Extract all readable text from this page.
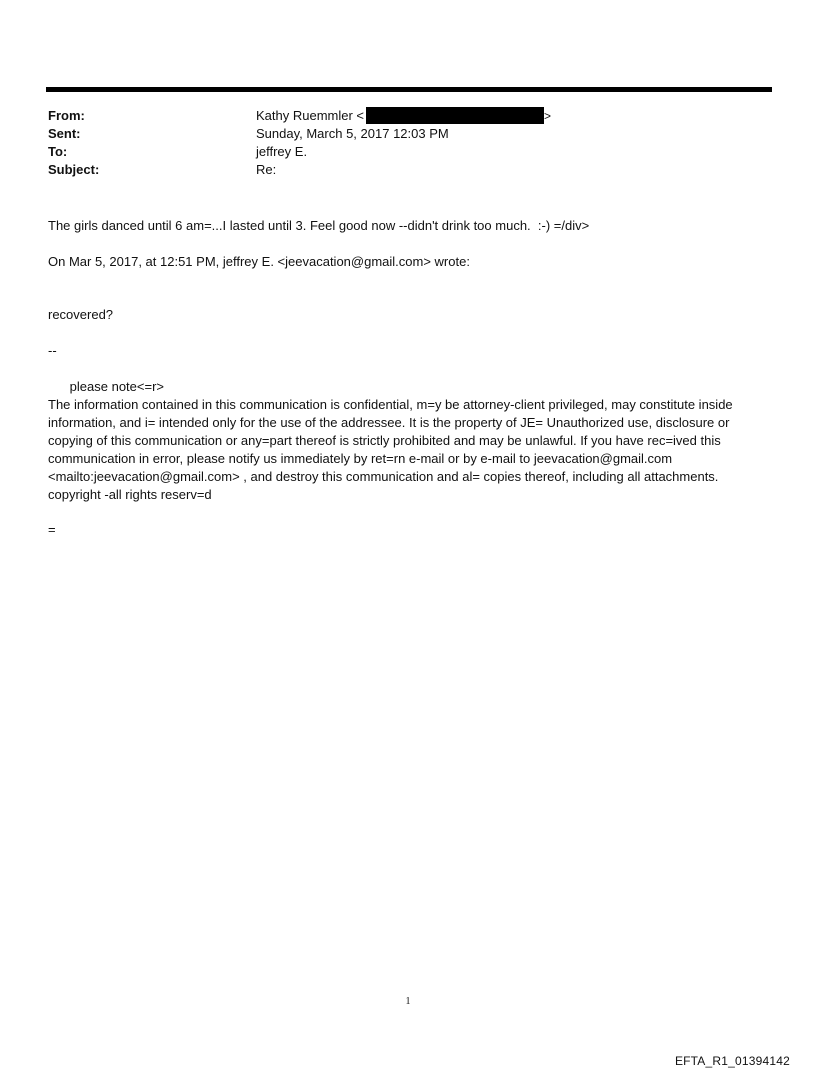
From:	Kathy Ruemmler <	>
Sent:	Sunday, March 5, 2017 12:03 PM
To:	jeffrey E.
Subject:	Re:
The girls danced until 6 am=...I lasted until 3. Feel good now --didn't drink too much.  :-) =/div>
On Mar 5, 2017, at 12:51 PM, jeffrey E. <jeevacation@gmail.com> wrote:
recovered?
--
please note<=r>
The information contained in this communication is confidential, m=y be attorney-client privileged, may constitute inside information, and i= intended only for the use of the addressee. It is the property of JE= Unauthorized use, disclosure or copying of this communication or any=part thereof is strictly prohibited and may be unlawful. If you have rec=ived this communication in error, please notify us immediately by ret=rn e-mail or by e-mail to jeevacation@gmail.com <mailto:jeevacation@gmail.com> , and destroy this communication and al= copies thereof, including all attachments. copyright -all rights reserv=d
=
1
EFTA_R1_01394142
